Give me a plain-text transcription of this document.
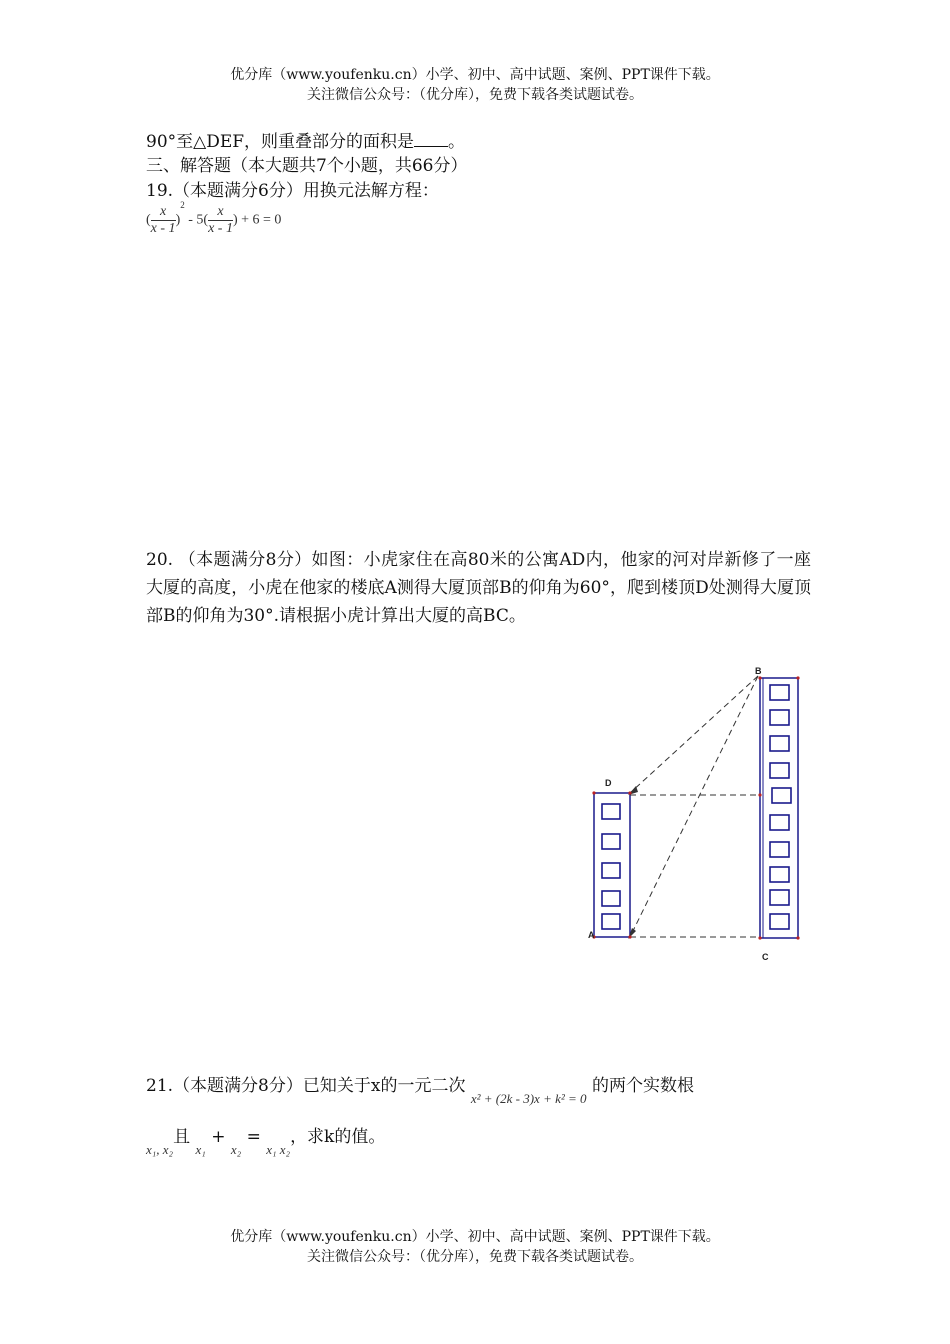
优分库（www.youfenku.cn）小学、初中、高中试题、案例、PPT课件下载。
关注微信公众号：（优分库），免费下载各类试题试卷。
90°至△DEF，则重叠部分的面积是 。
三、解答题（本大题共7个小题，共66分）
19.（本题满分6分）用换元法解方程：
( $\frac{x}{x - 1} )^2 - 5( \frac{x}{x - 1}$ ) + 6 = 0
20. （本题满分8分）如图：小虎家住在高80米的公寓AD内，他家的河对岸新修了一座大厦的高度，小虎在他家的楼底A测得大厦顶部B的仰角为60°，爬到楼顶D处测得大厦顶部B的仰角为30°.请根据小虎计算出大厦的高BC。
B
D
A
C
21.（本题满分8分）已知关于x的一元二次 $_{x^2 + (2k - 3)x + k^2 = 0}$ 的两个实数根
$_{x_1, x_2}$且 $_{x_1}$ + $_{x_2}$ = $_{x_1 x_2}$，求k的值。
优分库（www.youfenku.cn）小学、初中、高中试题、案例、PPT课件下载。
关注微信公众号：（优分库），免费下载各类试题试卷。
